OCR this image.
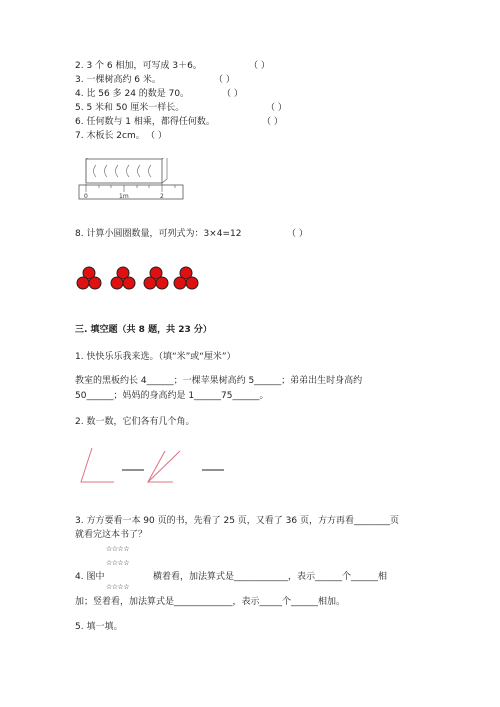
2. 3 个 6 相加，可写成 3＋6。	（ ）
3. 一棵树高约 6 米。	（ ）
4. 比 56 多 24 的数是 70。	（ ）
5. 5 米和 50 厘米一样长。	（ ）
6. 任何数与 1 相乘，都得任何数。	（ ）
7. 木板长 2cm。 （ ）
0	1m	2
8. 计算小圆圈数量，可列式为：3×4=12	（ ）
三. 填空题（共 8 题，共 23 分）
1. 快快乐乐我来选。（填“米”或“厘米”）
教室的黑板约长 4______；一棵苹果树高约 5______；弟弟出生时身高约
50______；妈妈的身高约是 1______75______。
2. 数一数，它们各有几个角。
3. 方方要看一本 90 页的书，先看了 25 页，又看了 36 页，方方再看________页
就看完这本书了？
☆☆☆☆
☆☆☆☆
☆☆☆☆
4. 图中	横着看，加法算式是____________，表示______个______相
加；竖着看，加法算式是_____________，表示_____个______相加。
5. 填一填。
